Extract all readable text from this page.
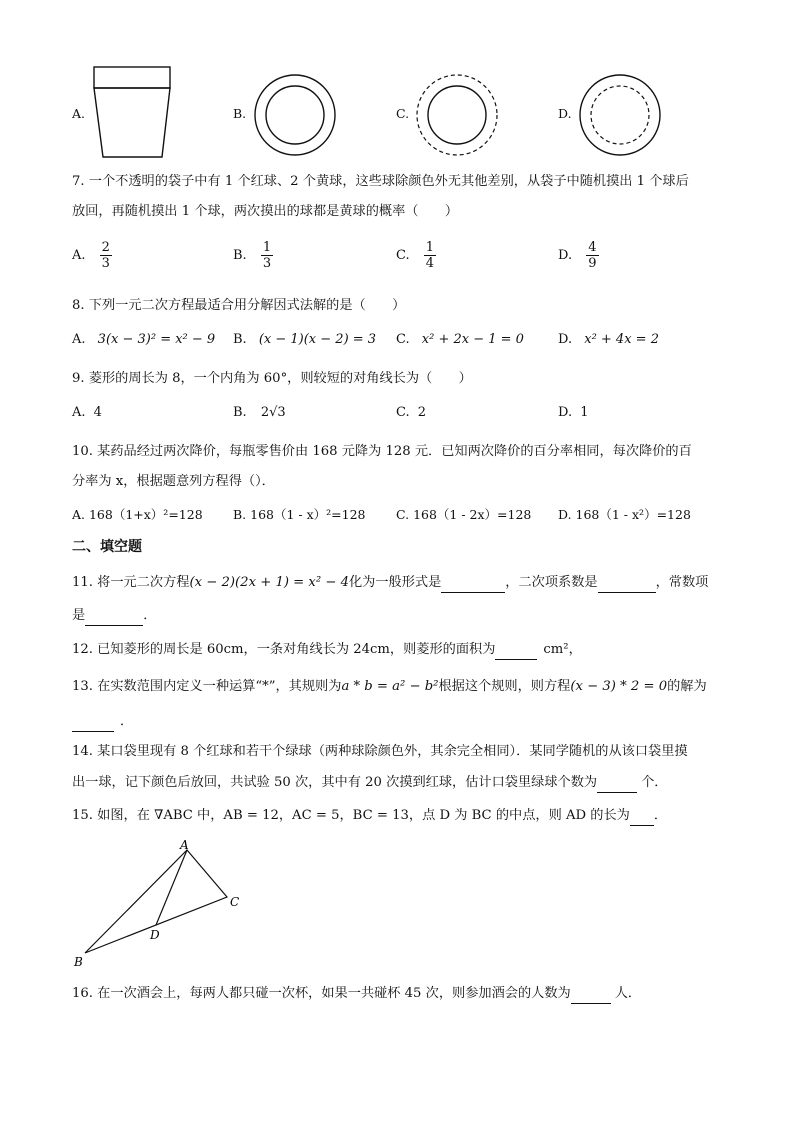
A.	B.	C.	D.
7. 一个不透明的袋子中有 1 个红球、2 个黄球，这些球除颜色外无其他差别，从袋子中随机摸出 1 个球后
放回，再随机摸出 1 个球，两次摸出的球都是黄球的概率（　　）
A. $\frac{2}{3}$	B. $\frac{1}{3}$	C. $\frac{1}{4}$	D. $\frac{4}{9}$
8. 下列一元二次方程最适合用分解因式法解的是（　　）
A. 3(x − 3)² = x² − 9 B. (x − 1)(x − 2) = 3 C. x² + 2x − 1 = 0	D. x² + 4x = 2
9. 菱形的周长为 8，一个内角为 60°，则较短的对角线长为（　　）
A. 4	B. 2√3	C. 2	D. 1
10. 某药品经过两次降价，每瓶零售价由 168 元降为 128 元．已知两次降价的百分率相同，每次降价的百
分率为 x，根据题意列方程得（）．
A. 168（1+x）²=128 B. 168（1 - x）²=128 C. 168（1 - 2x）=128 D. 168（1 - x²）=128
二、填空题
11. 将一元二次方程(x − 2)(2x + 1) = x² − 4化为一般形式是	，二次项系数是	，常数项
是	．
12. 已知菱形的周长是 60cm，一条对角线长为 24cm，则菱形的面积为	cm²，
13. 在实数范围内定义一种运算“*”，其规则为a * b = a² − b²根据这个规则，则方程(x − 3) * 2 = 0的解为
．
14. 某口袋里现有 8 个红球和若干个绿球（两种球除颜色外，其余完全相同）．某同学随机的从该口袋里摸
出一球，记下颜色后放回，共试验 50 次，其中有 20 次摸到红球，估计口袋里绿球个数为	个．
15. 如图，在 ∇ABC 中，AB = 12，AC = 5，BC = 13，点 D 为 BC 的中点，则 AD 的长为 ．
A
C
D
B
16. 在一次酒会上，每两人都只碰一次杯，如果一共碰杯 45 次，则参加酒会的人数为	人．
